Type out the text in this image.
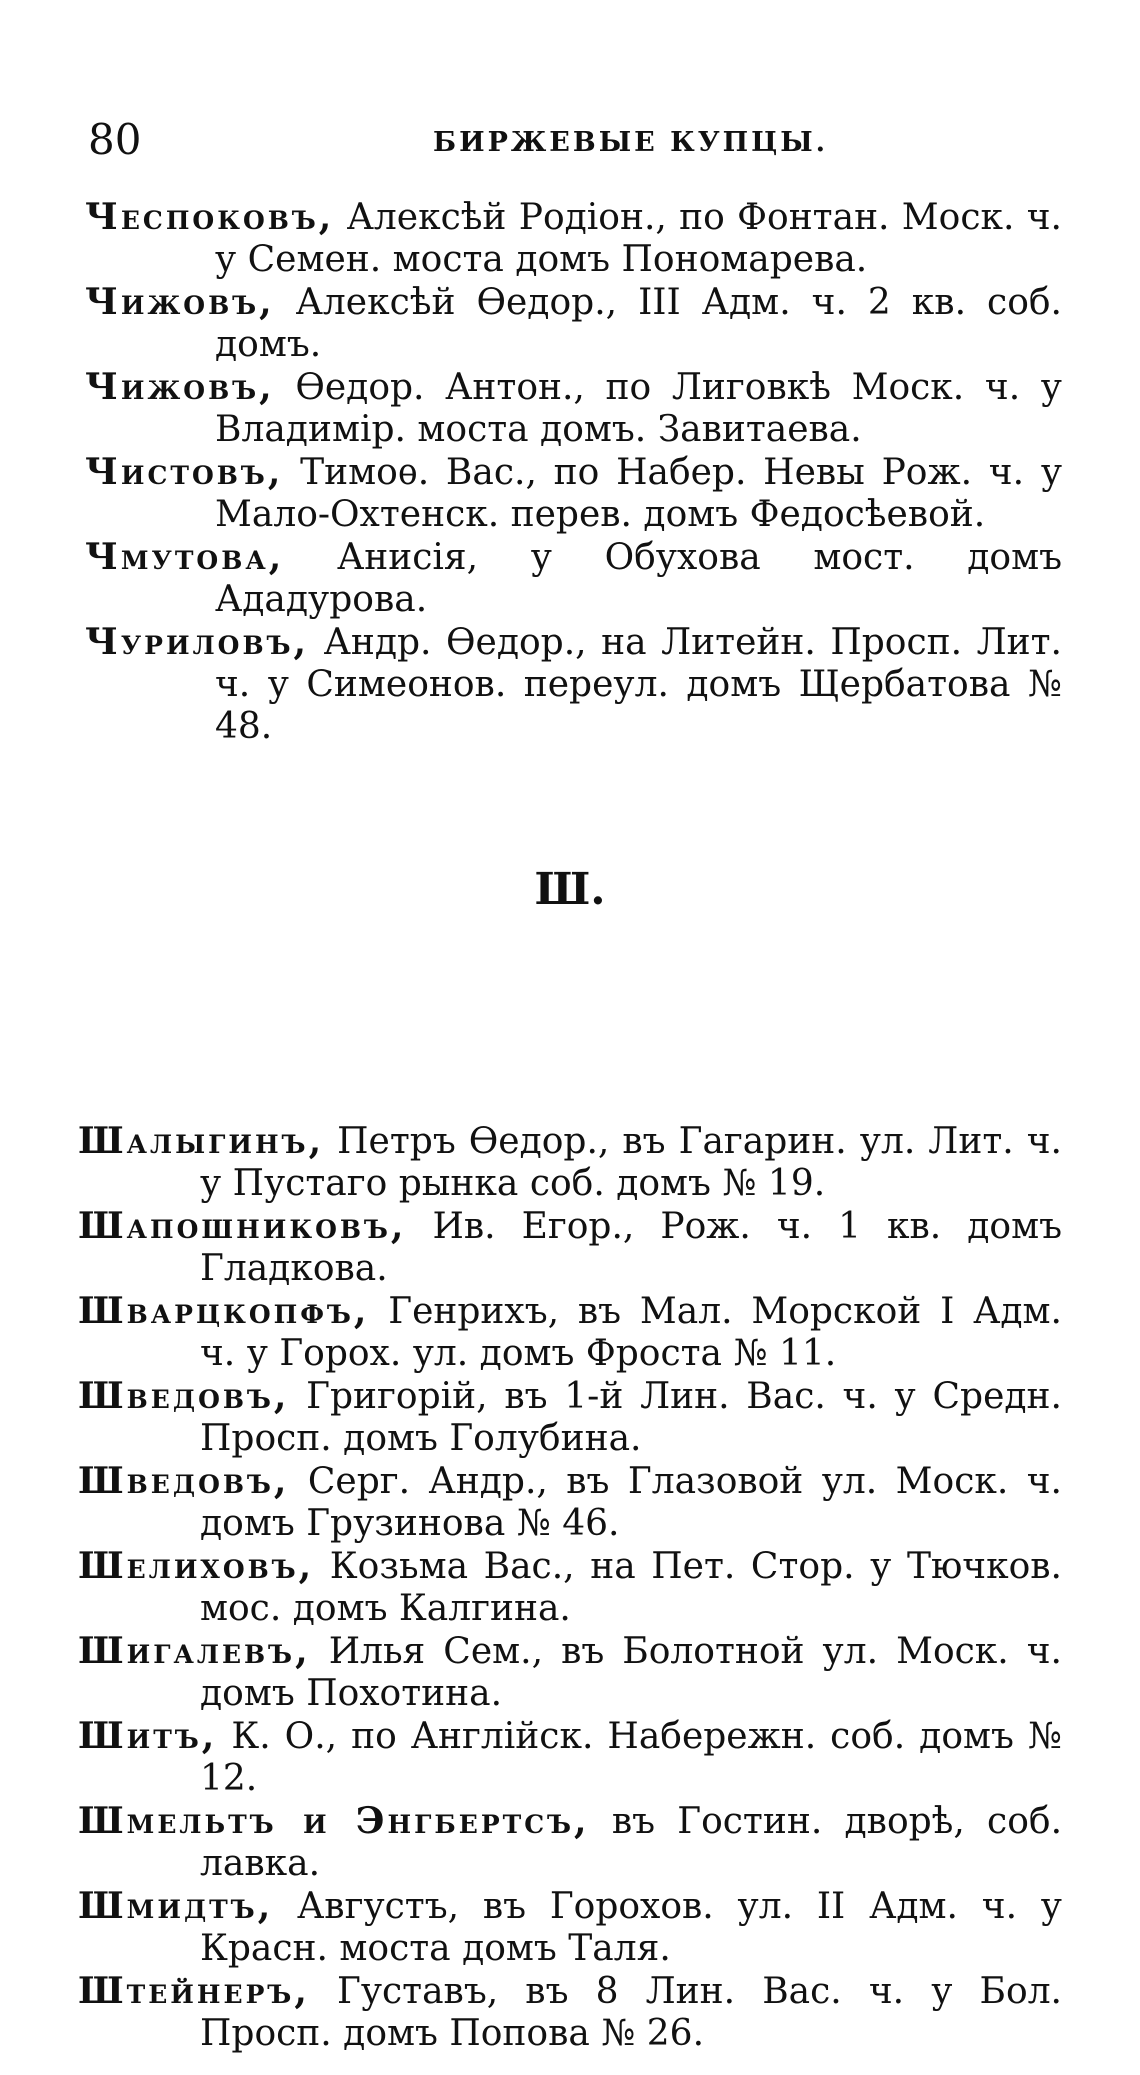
80	БИРЖЕВЫЕ КУПЦЫ.

Чеспоковъ, Алексѣй Родіон., по Фонтан. Моск. ч. у Семен. моста домъ Пономарева.

Чижовъ, Алексѣй Ѳедор., III Адм. ч. 2 кв. соб. домъ.

Чижовъ, Ѳедор. Антон., по Лиговкѣ Моск. ч. у Владимір. моста домъ. Завитаева.

Чистовъ, Тимоѳ. Вас., по Набер. Невы Рож. ч. у Мало-Охтенск. перев. домъ Федосѣевой.

Чмутова, Анисія, у Обухова мост. домъ Ададурова.

Чуриловъ, Андр. Ѳедор., на Литейн. Просп. Лит. ч. у Симеонов. переул. домъ Щербатова № 48.

Ш.

Шалыгинъ, Петръ Ѳедор., въ Гагарин. ул. Лит. ч. у Пустаго рынка соб. домъ № 19.

Шапошниковъ, Ив. Егор., Рож. ч. 1 кв. домъ Гладкова.

Шварцкопфъ, Генрихъ, въ Мал. Морской I Адм. ч. у Горох. ул. домъ Фроста № 11.

Шведовъ, Григорій, въ 1-й Лин. Вас. ч. у Средн. Просп. домъ Голубина.

Шведовъ, Серг. Андр., въ Глазовой ул. Моск. ч. домъ Грузинова № 46.

Шелиховъ, Козьма Вас., на Пет. Стор. у Тючков. мос. домъ Калгина.

Шигалевъ, Илья Сем., въ Болотной ул. Моск. ч. домъ Похотина.

Шитъ, К. О., по Англійск. Набережн. соб. домъ № 12.

Шмельтъ и Энгбертсъ, въ Гостин. дворѣ, соб. лавка.

Шмидтъ, Августъ, въ Горохов. ул. II Адм. ч. у Красн. моста домъ Таля.

Штейнеръ, Густавъ, въ 8 Лин. Вас. ч. у Бол. Просп. домъ Попова № 26.
